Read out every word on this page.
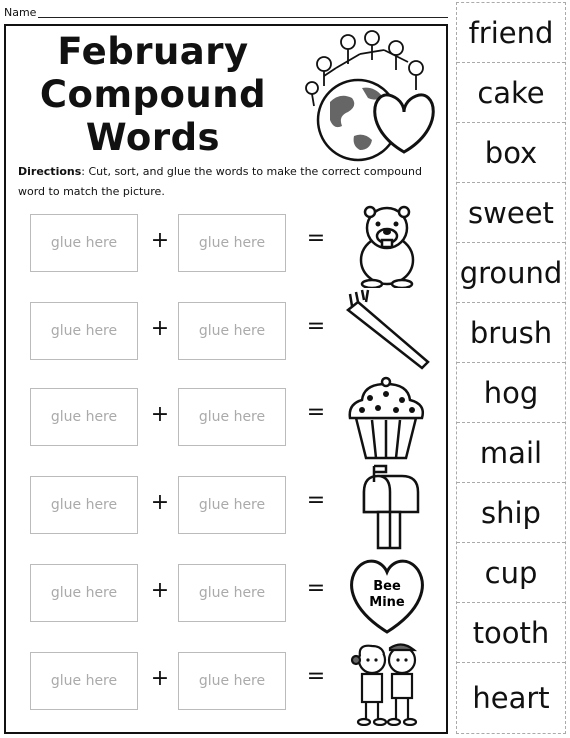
Name
February
Compound
Words
Directions: Cut, sort, and glue the words to make the correct compound word to match the picture.
glue here	+	glue here	=
glue here	+	glue here	=
glue here	+	glue here	=
glue here	+	glue here	=
glue here	+	glue here	=	Bee
Mine
glue here	+	glue here	=
friend
cake
box
sweet
ground
brush
hog
mail
ship
cup
tooth
heart
